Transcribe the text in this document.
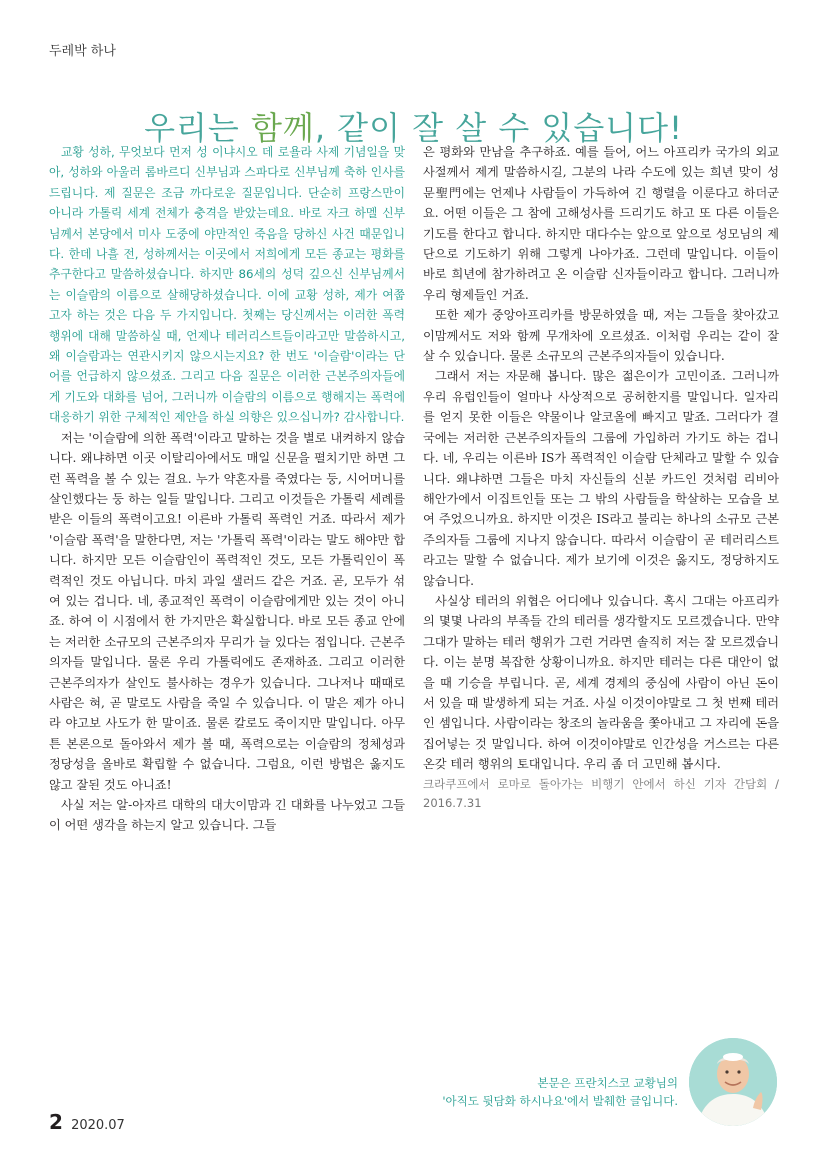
두레박 하나
우리는 함께, 같이 잘 살 수 있습니다!

교황 성하, 무엇보다 먼저 성 이냐시오 데 로욜라 사제 기념일을 맞아, 성하와 아울러 롬바르디 신부님과 스파다로 신부님께 축하 인사를 드립니다. 제 질문은 조금 까다로운 질문입니다. 단순히 프랑스만이 아니라 가톨릭 세계 전체가 충격을 받았는데요. 바로 자크 하멜 신부님께서 본당에서 미사 도중에 야만적인 죽음을 당하신 사건 때문입니다. 한데 나흘 전, 성하께서는 이곳에서 저희에게 모든 종교는 평화를 추구한다고 말씀하셨습니다. 하지만 86세의 성덕 깊으신 신부님께서는 이슬람의 이름으로 살해당하셨습니다. 이에 교황 성하, 제가 여쭙고자 하는 것은 다음 두 가지입니다. 첫째는 당신께서는 이러한 폭력 행위에 대해 말씀하실 때, 언제나 테러리스트들이라고만 말씀하시고, 왜 이슬람과는 연관시키지 않으시는지요? 한 번도 '이슬람'이라는 단어를 언급하지 않으셨죠. 그리고 다음 질문은 이러한 근본주의자들에게 기도와 대화를 넘어, 그러니까 이슬람의 이름으로 행해지는 폭력에 대응하기 위한 구체적인 제안을 하실 의향은 있으십니까? 감사합니다.

저는 '이슬람에 의한 폭력'이라고 말하는 것을 별로 내켜하지 않습니다. 왜냐하면 이곳 이탈리아에서도 매일 신문을 펼치기만 하면 그런 폭력을 볼 수 있는 걸요. 누가 약혼자를 죽였다는 둥, 시어머니를 살인했다는 둥 하는 일들 말입니다. 그리고 이것들은 가톨릭 세례를 받은 이들의 폭력이고요! 이른바 가톨릭 폭력인 거죠. 따라서 제가 '이슬람 폭력'을 말한다면, 저는 '가톨릭 폭력'이라는 말도 해야만 합니다. 하지만 모든 이슬람인이 폭력적인 것도, 모든 가톨릭인이 폭력적인 것도 아닙니다. 마치 과일 샐러드 같은 거죠. 곧, 모두가 섞여 있는 겁니다. 네, 종교적인 폭력이 이슬람에게만 있는 것이 아니죠. 하여 이 시점에서 한 가지만은 확실합니다. 바로 모든 종교 안에는 저러한 소규모의 근본주의자 무리가 늘 있다는 점입니다. 근본주의자들 말입니다. 물론 우리 가톨릭에도 존재하죠. 그리고 이러한 근본주의자가 살인도 불사하는 경우가 있습니다. 그나저나 때때로 사람은 혀, 곧 말로도 사람을 죽일 수 있습니다. 이 말은 제가 아니라 야고보 사도가 한 말이죠. 물론 칼로도 죽이지만 말입니다. 아무튼 본론으로 돌아와서 제가 볼 때, 폭력으로는 이슬람의 정체성과 정당성을 올바로 확립할 수 없습니다. 그럼요, 이런 방법은 옳지도 않고 잘된 것도 아니죠!

사실 저는 알-아자르 대학의 대大이맘과 긴 대화를 나누었고 그들이 어떤 생각을 하는지 알고 있습니다. 그들

은 평화와 만남을 추구하죠. 예를 들어, 어느 아프리카 국가의 외교 사절께서 제게 말씀하시길, 그분의 나라 수도에 있는 희년 맞이 성문聖門에는 언제나 사람들이 가득하여 긴 행렬을 이룬다고 하더군요. 어떤 이들은 그 참에 고해성사를 드리기도 하고 또 다른 이들은 기도를 한다고 합니다. 하지만 대다수는 앞으로 앞으로 성모님의 제단으로 기도하기 위해 그렇게 나아가죠. 그런데 말입니다. 이들이 바로 희년에 참가하려고 온 이슬람 신자들이라고 합니다. 그러니까 우리 형제들인 거죠.

또한 제가 중앙아프리카를 방문하였을 때, 저는 그들을 찾아갔고 이맘께서도 저와 함께 무개차에 오르셨죠. 이처럼 우리는 같이 잘 살 수 있습니다. 물론 소규모의 근본주의자들이 있습니다.

그래서 저는 자문해 봅니다. 많은 젊은이가 고민이죠. 그러니까 우리 유럽인들이 얼마나 사상적으로 공허한지를 말입니다. 일자리를 얻지 못한 이들은 약물이나 알코올에 빠지고 말죠. 그러다가 결국에는 저러한 근본주의자들의 그룹에 가입하러 가기도 하는 겁니다. 네, 우리는 이른바 IS가 폭력적인 이슬람 단체라고 말할 수 있습니다. 왜냐하면 그들은 마치 자신들의 신분 카드인 것처럼 리비아 해안가에서 이집트인들 또는 그 밖의 사람들을 학살하는 모습을 보여 주었으니까요. 하지만 이것은 IS라고 불리는 하나의 소규모 근본주의자들 그룹에 지나지 않습니다. 따라서 이슬람이 곧 테러리스트라고는 말할 수 없습니다. 제가 보기에 이것은 옳지도, 정당하지도 않습니다.

사실상 테러의 위협은 어디에나 있습니다. 혹시 그대는 아프리카의 몇몇 나라의 부족들 간의 테러를 생각할지도 모르겠습니다. 만약 그대가 말하는 테러 행위가 그런 거라면 솔직히 저는 잘 모르겠습니다. 이는 분명 복잡한 상황이니까요. 하지만 테러는 다른 대안이 없을 때 기승을 부립니다. 곧, 세계 경제의 중심에 사람이 아닌 돈이 서 있을 때 발생하게 되는 거죠. 사실 이것이야말로 그 첫 번째 테러인 셈입니다. 사람이라는 창조의 놀라움을 쫓아내고 그 자리에 돈을 집어넣는 것 말입니다. 하여 이것이야말로 인간성을 거스르는 다른 온갖 테러 행위의 토대입니다. 우리 좀 더 고민해 봅시다.

크라쿠프에서 로마로 돌아가는 비행기 안에서 하신 기자 간담회 / 2016.7.31

본문은 프란치스코 교황님의
'아직도 뒷담화 하시나요'에서 발췌한 글입니다.
2 2020.07
